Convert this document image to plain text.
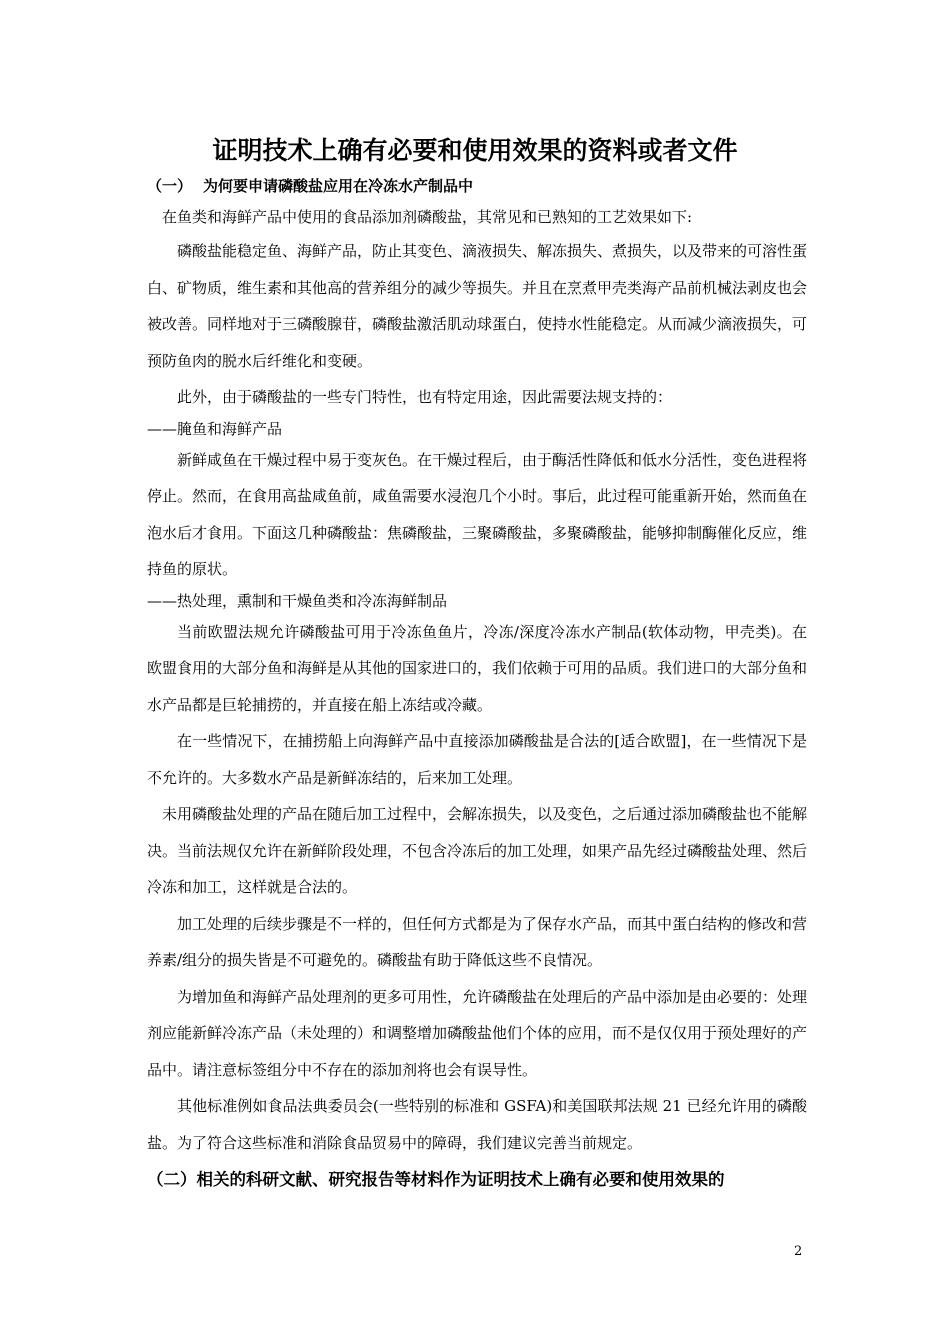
证明技术上确有必要和使用效果的资料或者文件
（一） 为何要申请磷酸盐应用在冷冻水产制品中
在鱼类和海鲜产品中使用的食品添加剂磷酸盐，其常见和已熟知的工艺效果如下:
磷酸盐能稳定鱼、海鲜产品，防止其变色、滴液损失、解冻损失、煮损失，以及带来的可溶性蛋白、矿物质，维生素和其他高的营养组分的减少等损失。并且在烹煮甲壳类海产品前机械法剥皮也会被改善。同样地对于三磷酸腺苷，磷酸盐激活肌动球蛋白，使持水性能稳定。从而减少滴液损失，可预防鱼肉的脱水后纤维化和变硬。
此外，由于磷酸盐的一些专门特性，也有特定用途，因此需要法规支持的：
——腌鱼和海鲜产品
新鲜咸鱼在干燥过程中易于变灰色。在干燥过程后，由于酶活性降低和低水分活性，变色进程将停止。然而，在食用高盐咸鱼前，咸鱼需要水浸泡几个小时。事后，此过程可能重新开始，然而鱼在泡水后才食用。下面这几种磷酸盐：焦磷酸盐，三聚磷酸盐，多聚磷酸盐，能够抑制酶催化反应，维持鱼的原状。
——热处理，熏制和干燥鱼类和冷冻海鲜制品
当前欧盟法规允许磷酸盐可用于冷冻鱼鱼片，冷冻/深度冷冻水产制品(软体动物，甲壳类)。在欧盟食用的大部分鱼和海鲜是从其他的国家进口的，我们依赖于可用的品质。我们进口的大部分鱼和水产品都是巨轮捕捞的，并直接在船上冻结或冷藏。
在一些情况下，在捕捞船上向海鲜产品中直接添加磷酸盐是合法的[适合欧盟]，在一些情况下是不允许的。大多数水产品是新鲜冻结的，后来加工处理。
未用磷酸盐处理的产品在随后加工过程中，会解冻损失，以及变色，之后通过添加磷酸盐也不能解决。当前法规仅允许在新鲜阶段处理，不包含冷冻后的加工处理，如果产品先经过磷酸盐处理、然后冷冻和加工，这样就是合法的。
加工处理的后续步骤是不一样的，但任何方式都是为了保存水产品，而其中蛋白结构的修改和营养素/组分的损失皆是不可避免的。磷酸盐有助于降低这些不良情况。
为增加鱼和海鲜产品处理剂的更多可用性，允许磷酸盐在处理后的产品中添加是由必要的：处理剂应能新鲜冷冻产品（未处理的）和调整增加磷酸盐他们个体的应用，而不是仅仅用于预处理好的产品中。请注意标签组分中不存在的添加剂将也会有误导性。
其他标准例如食品法典委员会(一些特别的标准和 GSFA)和美国联邦法规 21 已经允许用的磷酸盐。为了符合这些标准和消除食品贸易中的障碍，我们建议完善当前规定。
（二）相关的科研文献、研究报告等材料作为证明技术上确有必要和使用效果的
2
